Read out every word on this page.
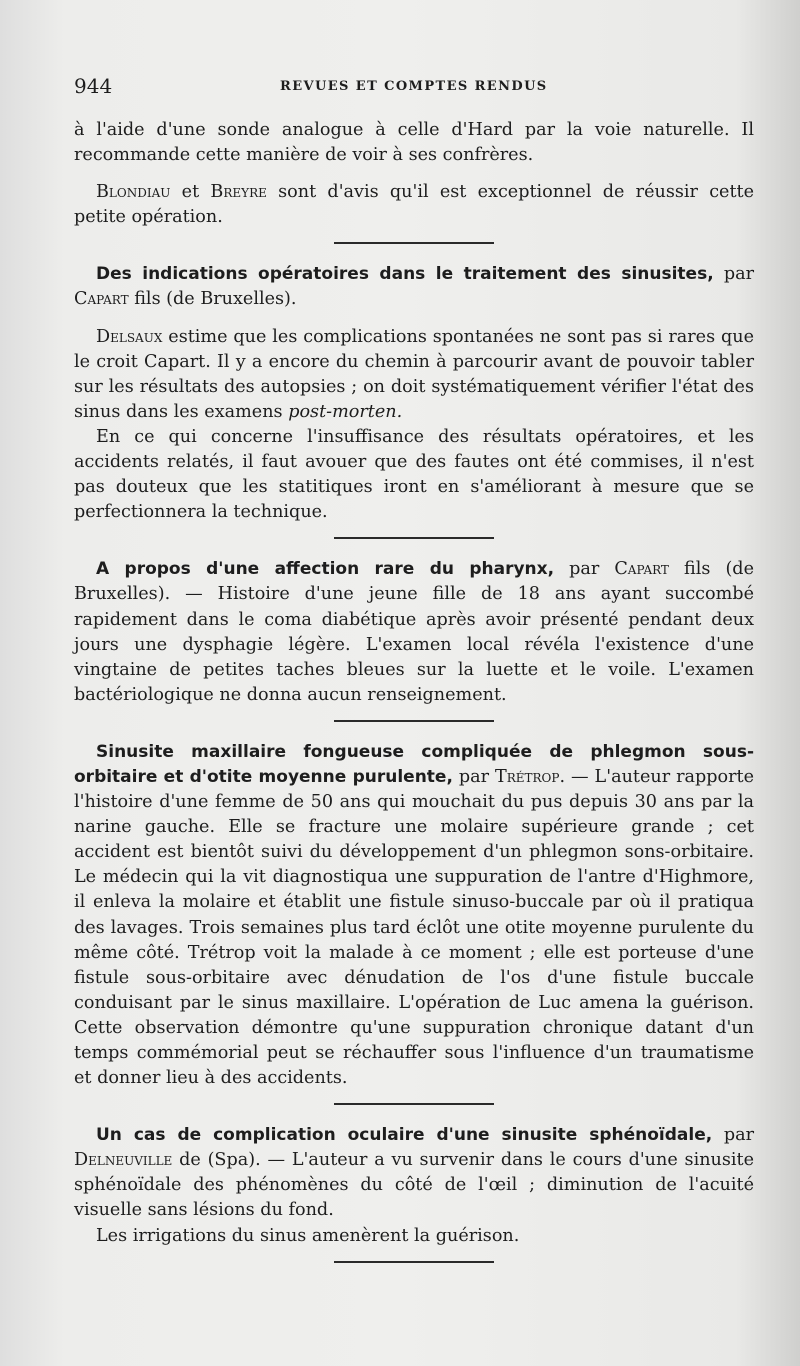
944	REVUES ET COMPTES RENDUS

à l'aide d'une sonde analogue à celle d'Hard par la voie naturelle. Il recommande cette manière de voir à ses confrères.

Blondiau et Breyre sont d'avis qu'il est exceptionnel de réussir cette petite opération.

Des indications opératoires dans le traitement des sinusites, par Capart fils (de Bruxelles).

Delsaux estime que les complications spontanées ne sont pas si rares que le croit Capart. Il y a encore du chemin à parcourir avant de pouvoir tabler sur les résultats des autopsies ; on doit systématiquement vérifier l'état des sinus dans les examens post-morten.

En ce qui concerne l'insuffisance des résultats opératoires, et les accidents relatés, il faut avouer que des fautes ont été commises, il n'est pas douteux que les statitiques iront en s'améliorant à mesure que se perfectionnera la technique.

A propos d'une affection rare du pharynx, par Capart fils (de Bruxelles). — Histoire d'une jeune fille de 18 ans ayant succombé rapidement dans le coma diabétique après avoir présenté pendant deux jours une dysphagie légère. L'examen local révéla l'existence d'une vingtaine de petites taches bleues sur la luette et le voile. L'examen bactériologique ne donna aucun renseignement.

Sinusite maxillaire fongueuse compliquée de phlegmon sous-orbitaire et d'otite moyenne purulente, par Trétrop. — L'auteur rapporte l'histoire d'une femme de 50 ans qui mouchait du pus depuis 30 ans par la narine gauche. Elle se fracture une molaire supérieure grande ; cet accident est bientôt suivi du développement d'un phlegmon sons-orbitaire. Le médecin qui la vit diagnostiqua une suppuration de l'antre d'Highmore, il enleva la molaire et établit une fistule sinuso-buccale par où il pratiqua des lavages. Trois semaines plus tard éclôt une otite moyenne purulente du même côté. Trétrop voit la malade à ce moment ; elle est porteuse d'une fistule sous-orbitaire avec dénudation de l'os d'une fistule buccale conduisant par le sinus maxillaire. L'opération de Luc amena la guérison. Cette observation démontre qu'une suppuration chronique datant d'un temps commémorial peut se réchauffer sous l'influence d'un traumatisme et donner lieu à des accidents.

Un cas de complication oculaire d'une sinusite sphénoïdale, par Delneuville de (Spa). — L'auteur a vu survenir dans le cours d'une sinusite sphénoïdale des phénomènes du côté de l'œil ; diminution de l'acuité visuelle sans lésions du fond.

Les irrigations du sinus amenèrent la guérison.
